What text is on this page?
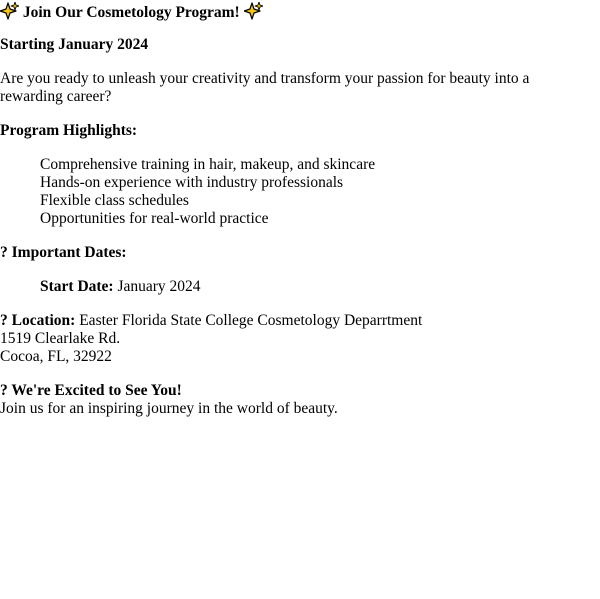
Join Our Cosmetology Program!
Starting January 2024
Are you ready to unleash your creativity and transform your passion for beauty into a
rewarding career?
Program Highlights:
Comprehensive training in hair, makeup, and skincare
Hands-on experience with industry professionals
Flexible class schedules
Opportunities for real-world practice
? Important Dates:
Start Date: January 2024
? Location: Easter Florida State College Cosmetology Deparrtment
1519 Clearlake Rd.
Cocoa, FL, 32922
? We're Excited to See You!
Join us for an inspiring journey in the world of beauty.
